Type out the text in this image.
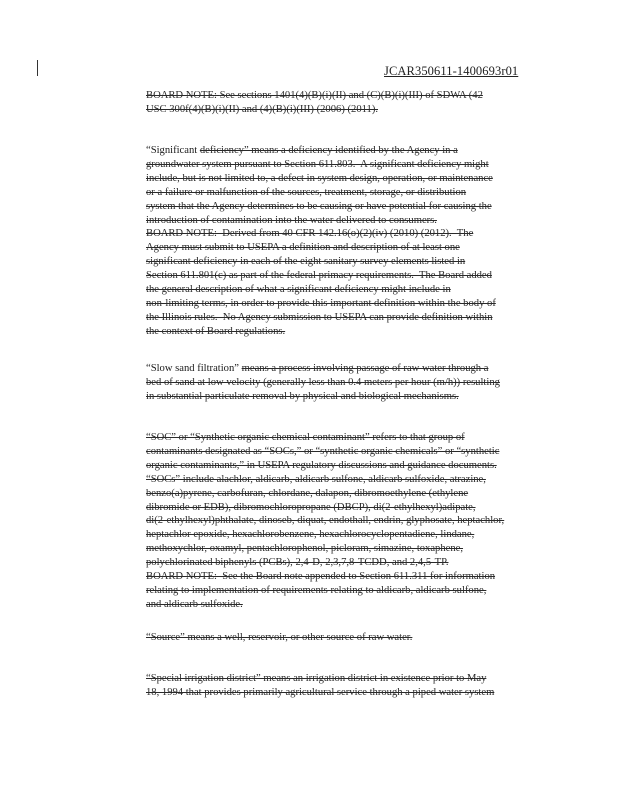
JCAR350611-1400693r01
BOARD NOTE: See sections 1401(4)(B)(i)(II) and (C)(B)(i)(III) of SDWA (42
USC 300f(4)(B)(i)(II) and (4)(B)(i)(III) (2006) (2011).
“Significant deficiency” means a deficiency identified by the Agency in a
groundwater system pursuant to Section 611.803.  A significant deficiency might
include, but is not limited to, a defect in system design, operation, or maintenance
or a failure or malfunction of the sources, treatment, storage, or distribution
system that the Agency determines to be causing or have potential for causing the
introduction of contamination into the water delivered to consumers.
BOARD NOTE:  Derived from 40 CFR 142.16(o)(2)(iv) (2010) (2012).  The
Agency must submit to USEPA a definition and description of at least one
significant deficiency in each of the eight sanitary survey elements listed in
Section 611.801(c) as part of the federal primacy requirements.  The Board added
the general description of what a significant deficiency might include in
non-limiting terms, in order to provide this important definition within the body of
the Illinois rules.  No Agency submission to USEPA can provide definition within
the context of Board regulations.
“Slow sand filtration” means a process involving passage of raw water through a
bed of sand at low velocity (generally less than 0.4 meters per hour (m/h)) resulting
in substantial particulate removal by physical and biological mechanisms.
“SOC” or “Synthetic organic chemical contaminant” refers to that group of
contaminants designated as “SOCs,” or “synthetic organic chemicals” or “synthetic
organic contaminants,” in USEPA regulatory discussions and guidance documents.
“SOCs” include alachlor, aldicarb, aldicarb sulfone, aldicarb sulfoxide, atrazine,
benzo(a)pyrene, carbofuran, chlordane, dalapon, dibromoethylene (ethylene
dibromide or EDB), dibromochloropropane (DBCP), di(2-ethylhexyl)adipate,
di(2-ethylhexyl)phthalate, dinoseb, diquat, endothall, endrin, glyphosate, heptachlor,
heptachlor epoxide, hexachlorobenzene, hexachlorocyclopentadiene, lindane,
methoxychlor, oxamyl, pentachlorophenol, picloram, simazine, toxaphene,
polychlorinated biphenyls (PCBs), 2,4-D, 2,3,7,8-TCDD, and 2,4,5-TP.
BOARD NOTE:  See the Board note appended to Section 611.311 for information
relating to implementation of requirements relating to aldicarb, aldicarb sulfone,
and aldicarb sulfoxide.
“Source” means a well, reservoir, or other source of raw water.
“Special irrigation district” means an irrigation district in existence prior to May
18, 1994 that provides primarily agricultural service through a piped water system
